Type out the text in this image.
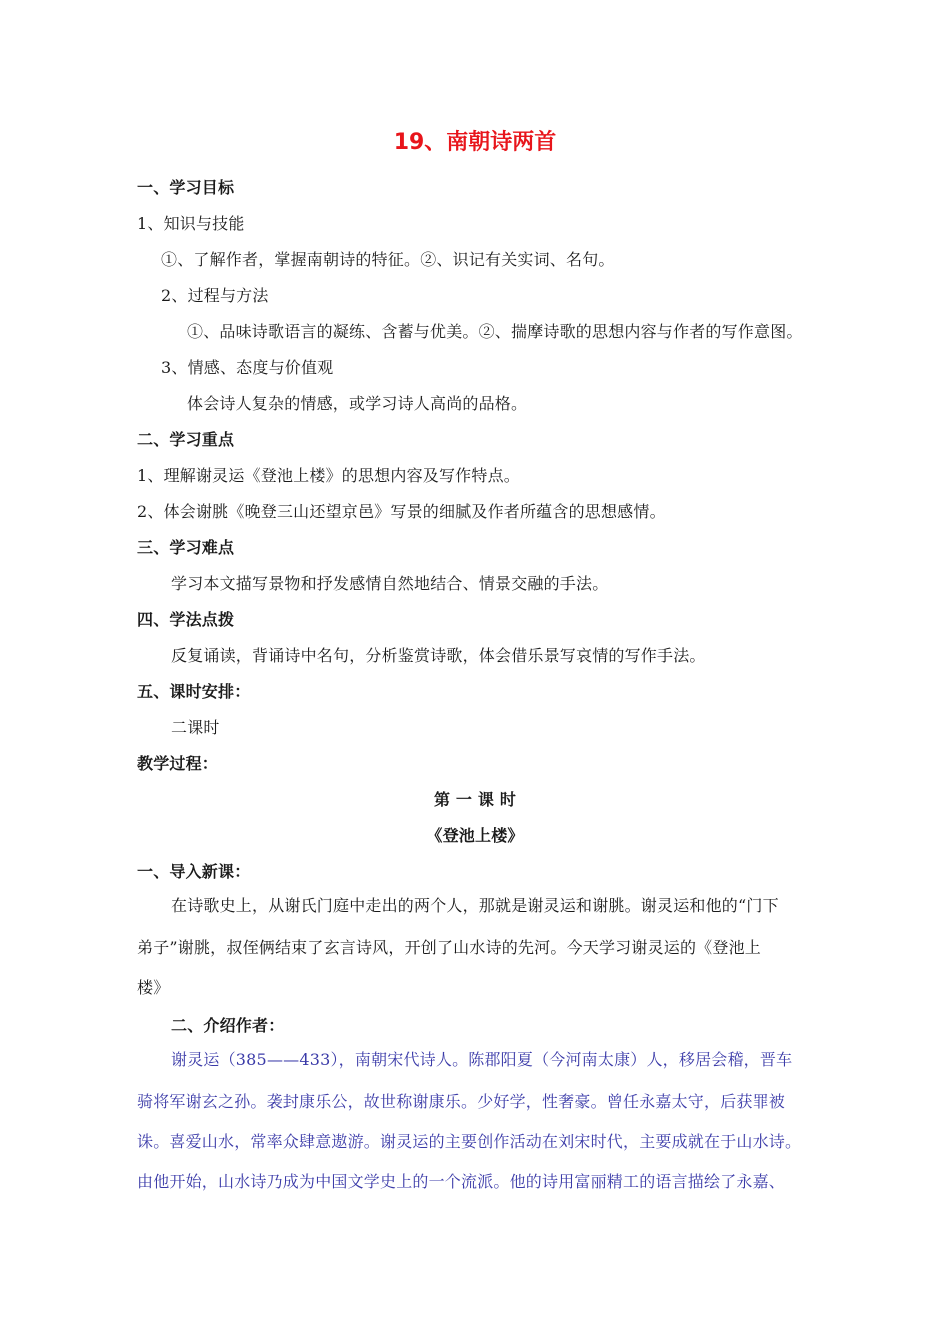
19、南朝诗两首
一、学习目标
1、知识与技能
①、了解作者，掌握南朝诗的特征。②、识记有关实词、名句。
2、过程与方法
①、品味诗歌语言的凝练、含蓄与优美。②、揣摩诗歌的思想内容与作者的写作意图。
3、情感、态度与价值观
体会诗人复杂的情感，或学习诗人高尚的品格。
二、学习重点
1、理解谢灵运《登池上楼》的思想内容及写作特点。
2、体会谢朓《晚登三山还望京邑》写景的细腻及作者所蕴含的思想感情。
三、学习难点
学习本文描写景物和抒发感情自然地结合、情景交融的手法。
四、学法点拨
反复诵读，背诵诗中名句，分析鉴赏诗歌，体会借乐景写哀情的写作手法。
五、课时安排：
二课时
教学过程：
第 一 课 时
《登池上楼》
一、导入新课：
在诗歌史上，从谢氏门庭中走出的两个人，那就是谢灵运和谢朓。谢灵运和他的“门下
弟子”谢朓，叔侄俩结束了玄言诗风，开创了山水诗的先河。今天学习谢灵运的《登池上
楼》
二、介绍作者：
谢灵运（385——433），南朝宋代诗人。陈郡阳夏（今河南太康）人，移居会稽，晋车
骑将军谢玄之孙。袭封康乐公，故世称谢康乐。少好学，性奢豪。曾任永嘉太守，后获罪被
诛。喜爱山水，常率众肆意遨游。谢灵运的主要创作活动在刘宋时代，主要成就在于山水诗。
由他开始，山水诗乃成为中国文学史上的一个流派。他的诗用富丽精工的语言描绘了永嘉、
